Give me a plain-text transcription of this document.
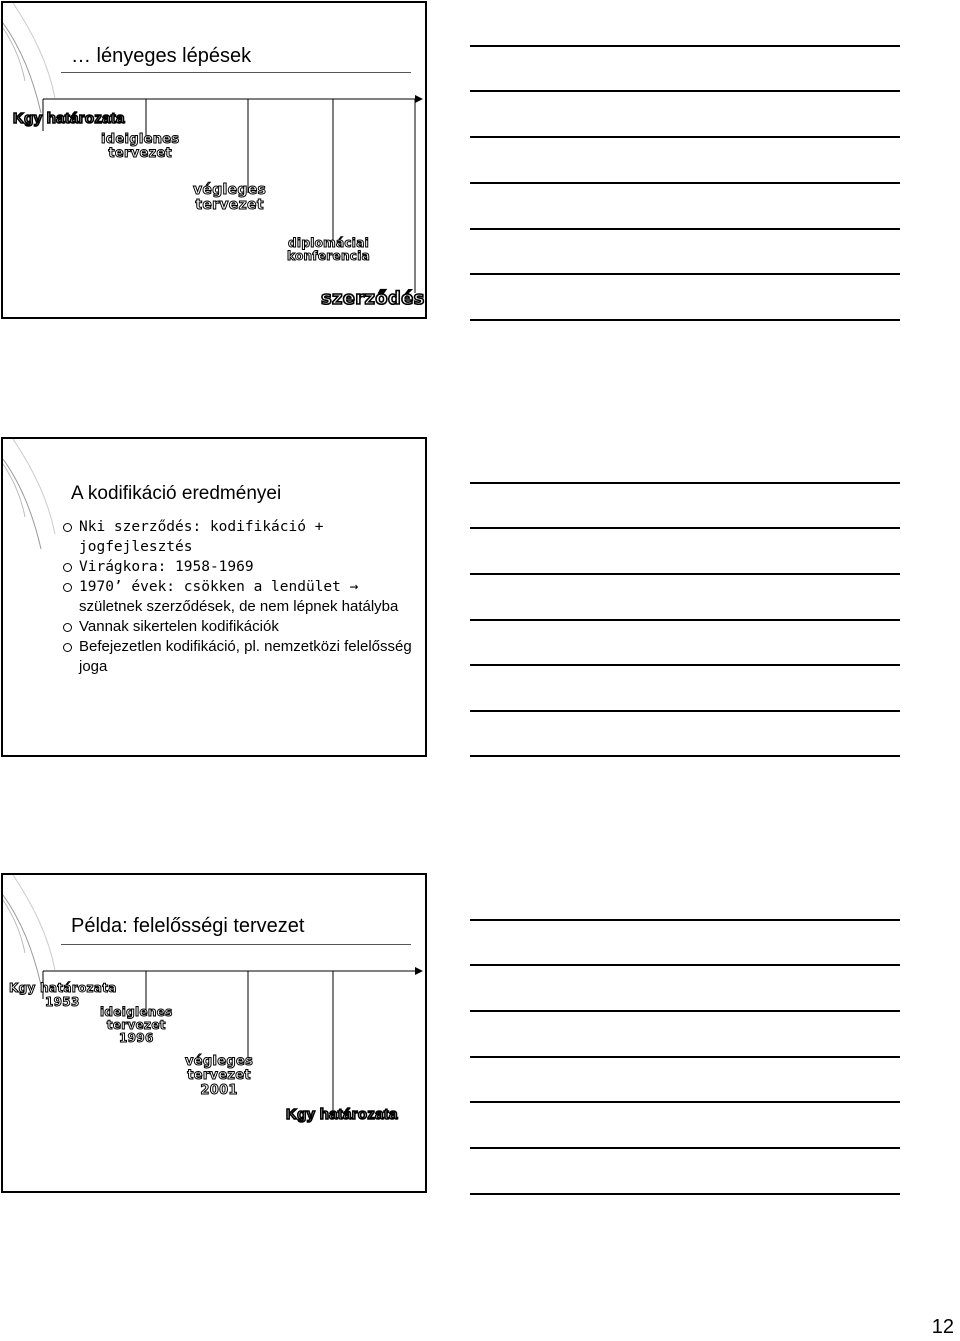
… lényeges lépések
Kgy határozata
ideiglenes
tervezet
végleges
tervezet
diplomáciai
konferencia
szerződés
A kodifikáció eredményei
Nki szerződés: kodifikáció + jogfejlesztés
Virágkora: 1958-1969
1970’ évek: csökken a lendület →
születnek szerződések, de nem lépnek hatályba
Vannak sikertelen kodifikációk
Befejezetlen kodifikáció, pl. nemzetközi felelősség joga
Példa: felelősségi tervezet
Kgy határozata
1953
ideiglenes
tervezet
1996
végleges
tervezet
2001
Kgy határozata
12
